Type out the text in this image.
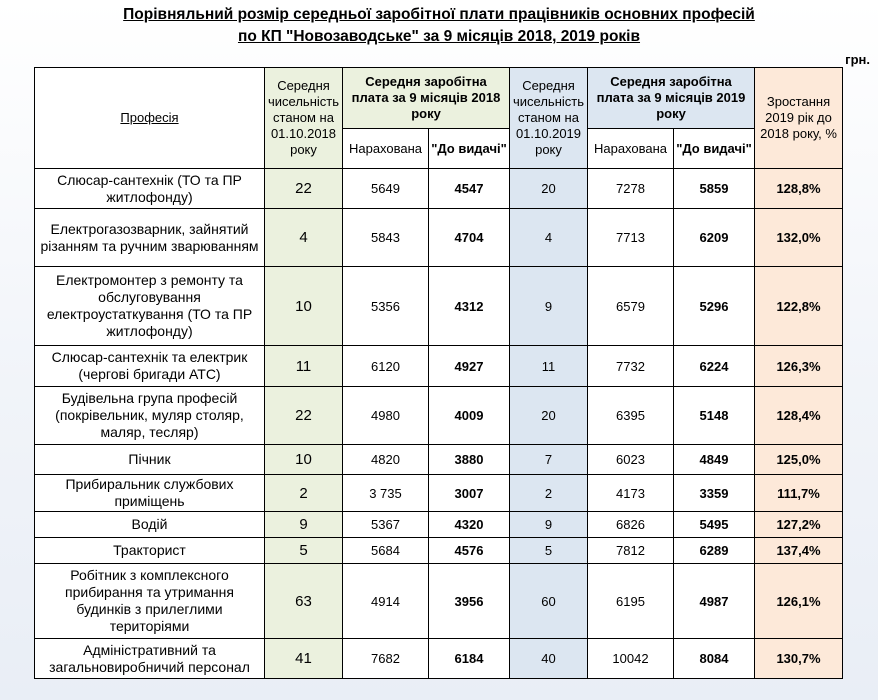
Порівняльний розмір середньої заробітної плати працівників основних професій
по КП "Новозаводське" за 9 місяців 2018, 2019 років
грн.
Професія	Середня чисельність станом на 01.10.2018 року	Середня заробітна плата за 9 місяців 2018 року		Середня чисельність станом на 01.10.2019 року	Середня заробітна плата за 9 місяців 2019 року		Зростання 2019 рік до 2018 року, %
		Нарахована	"До видачі"		Нарахована	"До видачі"	
Слюсар-сантехнік (ТО та ПР житлофонду)	22	5649	4547	20	7278	5859	128,8%
Електрогазозварник, зайнятий різанням та ручним зварюванням	4	5843	4704	4	7713	6209	132,0%
Електромонтер з ремонту та обслуговування електроустаткування (ТО та ПР житлофонду)	10	5356	4312	9	6579	5296	122,8%
Слюсар-сантехнік та електрик (чергові бригади АТС)	11	6120	4927	11	7732	6224	126,3%
Будівельна група професій (покрівельник, муляр столяр, маляр, тесляр)	22	4980	4009	20	6395	5148	128,4%
Пічник	10	4820	3880	7	6023	4849	125,0%
Прибиральник службових приміщень	2	3 735	3007	2	4173	3359	111,7%
Водій	9	5367	4320	9	6826	5495	127,2%
Тракторист	5	5684	4576	5	7812	6289	137,4%
Робітник з комплексного прибирання та утримання будинків з прилеглими територіями	63	4914	3956	60	6195	4987	126,1%
Адміністративний та загальновиробничий персонал	41	7682	6184	40	10042	8084	130,7%
